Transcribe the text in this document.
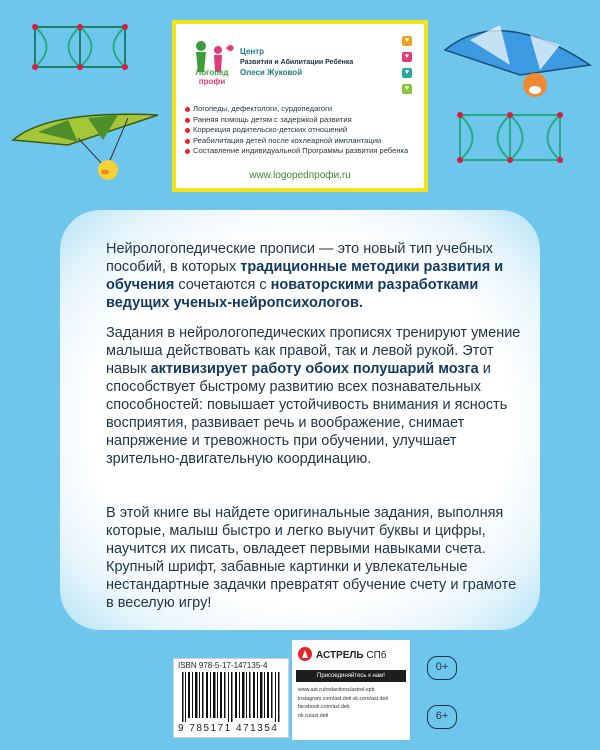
Логопед
профи
Центр
Развития и Абилитации Ребёнка
Олеси Жуковой
♥
♥
♥
♥
Логопеды, дефектологи, сурдопедагоги
Ранняя помощь детям с задержкой развития
Коррекция родительско-детских отношений
Реабилитация детей после кохлеарной имплантации
Составление индивидуальной Программы развития ребенка
www.logopedпрофи.ru

Нейрологопедические прописи — это новый тип учебных пособий, в которых традиционные методики развития и обучения сочетаются с новаторскими разработками ведущих ученых-нейропсихологов.

Задания в нейрологопедических прописях тренируют умение малыша действовать как правой, так и левой рукой. Этот навык активизирует работу обоих полушарий мозга и способствует быстрому развитию всех познавательных способностей: повышает устойчивость внимания и ясность восприятия, развивает речь и воображение, снимает напряжение и тревожность при обучении, улучшает зрительно-двигательную координацию.

В этой книге вы найдете оригинальные задания, выполняя которые, малыш быстро и легко выучит буквы и цифры, научится их писать, овладеет первыми навыками счета. Крупный шрифт, забавные картинки и увлекательные нестандартные задачки превратят обучение счету и грамоте в веселую игру!

ISBN 978-5-17-147135-4
9 785171 471354
АСТРЕЛЬ СПб
Присоединяйтесь к нам!
www.ast.ru/redactions/astrel-spb
instagram.com/ast.deti vk.com/ast.deti
facebook.com/ast.deti
ok.ru/ast.deti
0+
6+
